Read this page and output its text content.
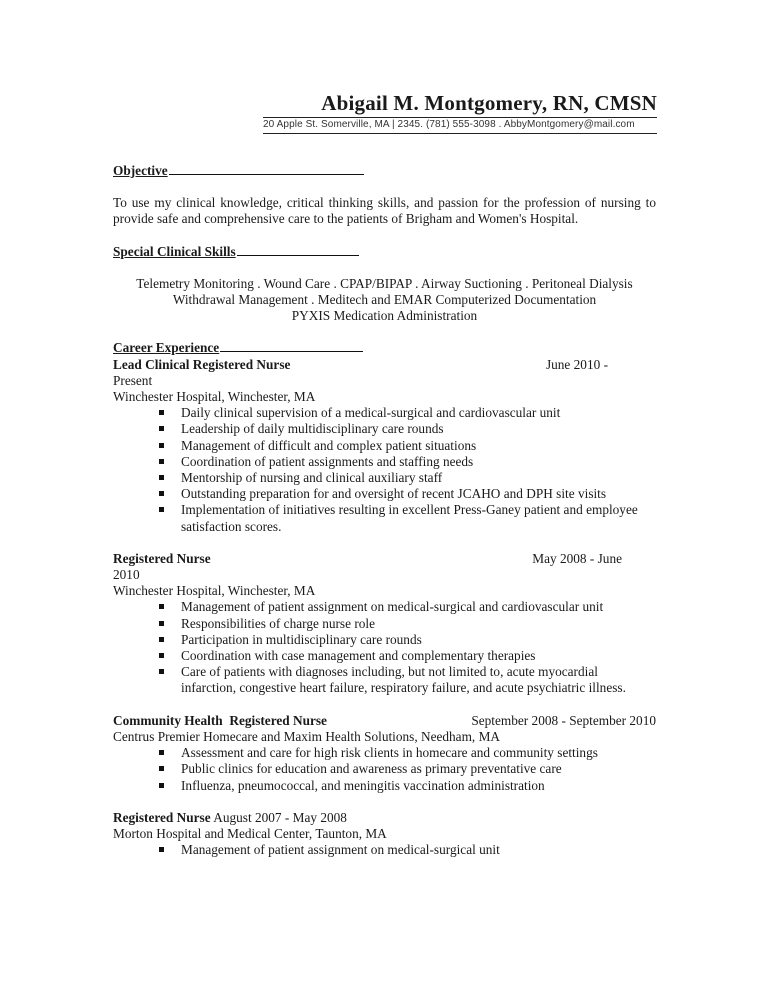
Abigail M. Montgomery, RN, CMSN
20 Apple St. Somerville, MA | 2345. (781) 555-3098 . AbbyMontgomery@mail.com
Objective
To use my clinical knowledge, critical thinking skills, and passion for the profession of nursing to provide safe and comprehensive care to the patients of Brigham and Women's Hospital.
Special Clinical Skills
Telemetry Monitoring . Wound Care . CPAP/BIPAP . Airway Suctioning . Peritoneal Dialysis
Withdrawal Management . Meditech and EMAR Computerized Documentation
PYXIS Medication Administration
Career Experience
Lead Clinical Registered Nurse	June 2010 -
Present
Winchester Hospital, Winchester, MA
Daily clinical supervision of a medical-surgical and cardiovascular unit
Leadership of daily multidisciplinary care rounds
Management of difficult and complex patient situations
Coordination of patient assignments and staffing needs
Mentorship of nursing and clinical auxiliary staff
Outstanding preparation for and oversight of recent JCAHO and DPH site visits
Implementation of initiatives resulting in excellent Press-Ganey patient and employee satisfaction scores.
Registered Nurse	May 2008 - June
2010
Winchester Hospital, Winchester, MA
Management of patient assignment on medical-surgical and cardiovascular unit
Responsibilities of charge nurse role
Participation in multidisciplinary care rounds
Coordination with case management and complementary therapies
Care of patients with diagnoses including, but not limited to, acute myocardial infarction, congestive heart failure, respiratory failure, and acute psychiatric illness.
Community Health  Registered Nurse	September 2008 - September 2010
Centrus Premier Homecare and Maxim Health Solutions, Needham, MA
Assessment and care for high risk clients in homecare and community settings
Public clinics for education and awareness as primary preventative care
Influenza, pneumococcal, and meningitis vaccination administration
Registered Nurse August 2007 - May 2008
Morton Hospital and Medical Center, Taunton, MA
Management of patient assignment on medical-surgical unit
